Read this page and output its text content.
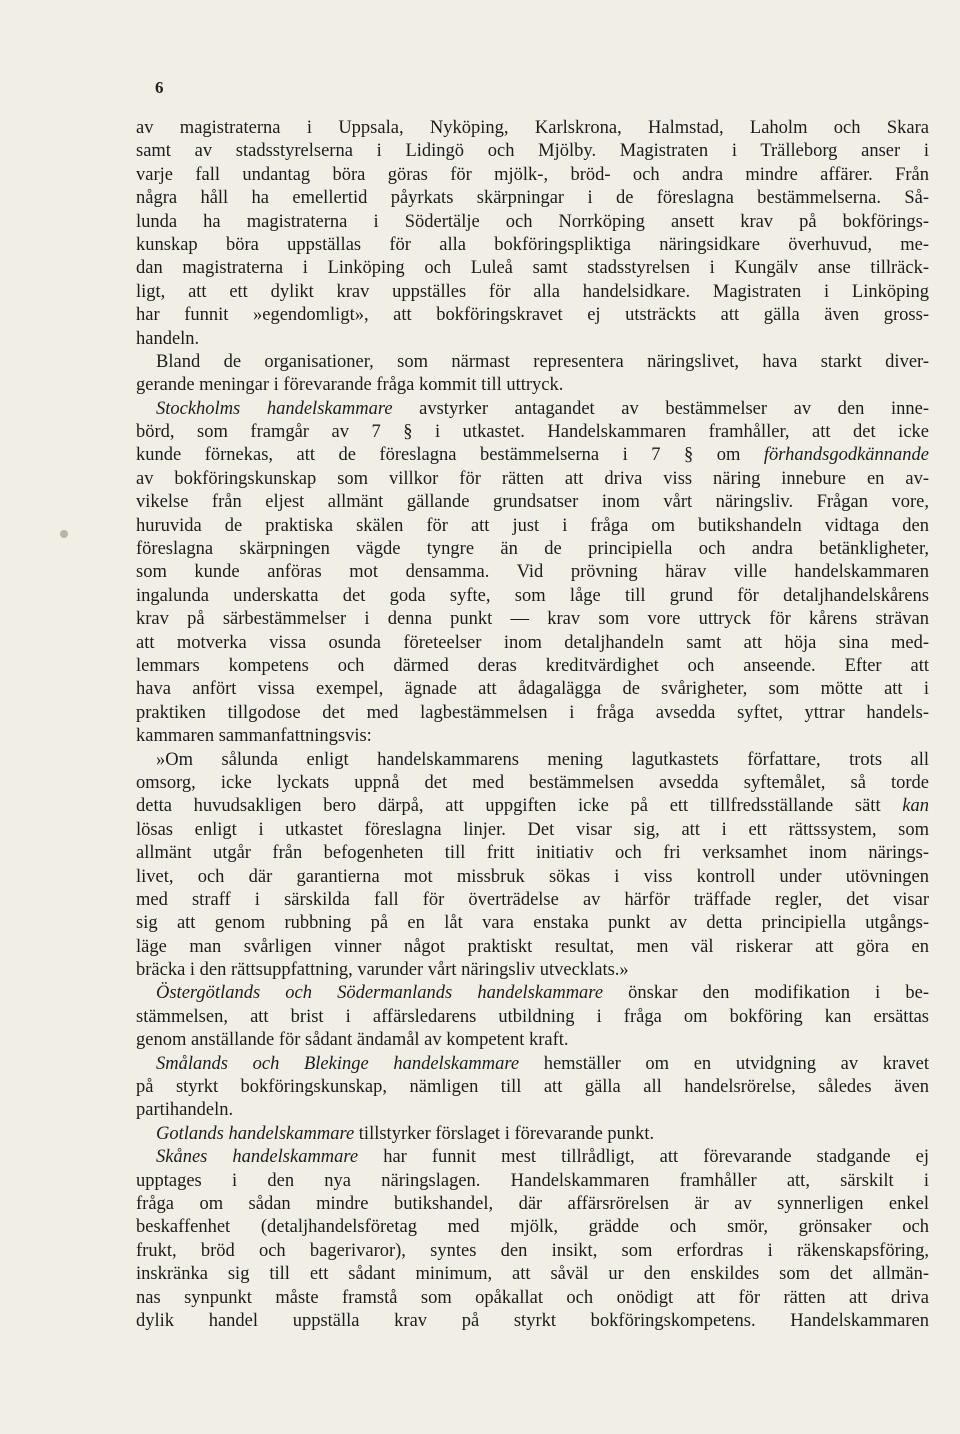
6
av magistraterna i Uppsala, Nyköping, Karlskrona, Halmstad, Laholm och Skara
samt av stadsstyrelserna i Lidingö och Mjölby. Magistraten i Trälleborg anser i
varje fall undantag böra göras för mjölk-, bröd- och andra mindre affärer. Från
några håll ha emellertid påyrkats skärpningar i de föreslagna bestämmelserna. Så-
lunda ha magistraterna i Södertälje och Norrköping ansett krav på bokförings-
kunskap böra uppställas för alla bokföringspliktiga näringsidkare överhuvud, me-
dan magistraterna i Linköping och Luleå samt stadsstyrelsen i Kungälv anse tillräck-
ligt, att ett dylikt krav uppställes för alla handelsidkare. Magistraten i Linköping
har funnit »egendomligt», att bokföringskravet ej utsträckts att gälla även gross-
handeln.
Bland de organisationer, som närmast representera näringslivet, hava starkt diver-
gerande meningar i förevarande fråga kommit till uttryck.
Stockholms handelskammare avstyrker antagandet av bestämmelser av den inne-
börd, som framgår av 7 § i utkastet. Handelskammaren framhåller, att det icke
kunde förnekas, att de föreslagna bestämmelserna i 7 § om förhandsgodkännande
av bokföringskunskap som villkor för rätten att driva viss näring innebure en av-
vikelse från eljest allmänt gällande grundsatser inom vårt näringsliv. Frågan vore,
huruvida de praktiska skälen för att just i fråga om butikshandeln vidtaga den
föreslagna skärpningen vägde tyngre än de principiella och andra betänkligheter,
som kunde anföras mot densamma. Vid prövning härav ville handelskammaren
ingalunda underskatta det goda syfte, som låge till grund för detaljhandelskårens
krav på särbestämmelser i denna punkt — krav som vore uttryck för kårens strävan
att motverka vissa osunda företeelser inom detaljhandeln samt att höja sina med-
lemmars kompetens och därmed deras kreditvärdighet och anseende. Efter att
hava anfört vissa exempel, ägnade att ådagalägga de svårigheter, som mötte att i
praktiken tillgodose det med lagbestämmelsen i fråga avsedda syftet, yttrar handels-
kammaren sammanfattningsvis:
»Om sålunda enligt handelskammarens mening lagutkastets författare, trots all
omsorg, icke lyckats uppnå det med bestämmelsen avsedda syftemålet, så torde
detta huvudsakligen bero därpå, att uppgiften icke på ett tillfredsställande sätt kan
lösas enligt i utkastet föreslagna linjer. Det visar sig, att i ett rättssystem, som
allmänt utgår från befogenheten till fritt initiativ och fri verksamhet inom närings-
livet, och där garantierna mot missbruk sökas i viss kontroll under utövningen
med straff i särskilda fall för överträdelse av härför träffade regler, det visar
sig att genom rubbning på en låt vara enstaka punkt av detta principiella utgångs-
läge man svårligen vinner något praktiskt resultat, men väl riskerar att göra en
bräcka i den rättsuppfattning, varunder vårt näringsliv utvecklats.»
Östergötlands och Södermanlands handelskammare önskar den modifikation i be-
stämmelsen, att brist i affärsledarens utbildning i fråga om bokföring kan ersättas
genom anställande för sådant ändamål av kompetent kraft.
Smålands och Blekinge handelskammare hemställer om en utvidgning av kravet
på styrkt bokföringskunskap, nämligen till att gälla all handelsrörelse, således även
partihandeln.
Gotlands handelskammare tillstyrker förslaget i förevarande punkt.
Skånes handelskammare har funnit mest tillrådligt, att förevarande stadgande ej
upptages i den nya näringslagen. Handelskammaren framhåller att, särskilt i
fråga om sådan mindre butikshandel, där affärsrörelsen är av synnerligen enkel
beskaffenhet (detaljhandelsföretag med mjölk, grädde och smör, grönsaker och
frukt, bröd och bagerivaror), syntes den insikt, som erfordras i räkenskapsföring,
inskränka sig till ett sådant minimum, att såväl ur den enskildes som det allmän-
nas synpunkt måste framstå som opåkallat och onödigt att för rätten att driva
dylik handel uppställa krav på styrkt bokföringskompetens. Handelskammaren
